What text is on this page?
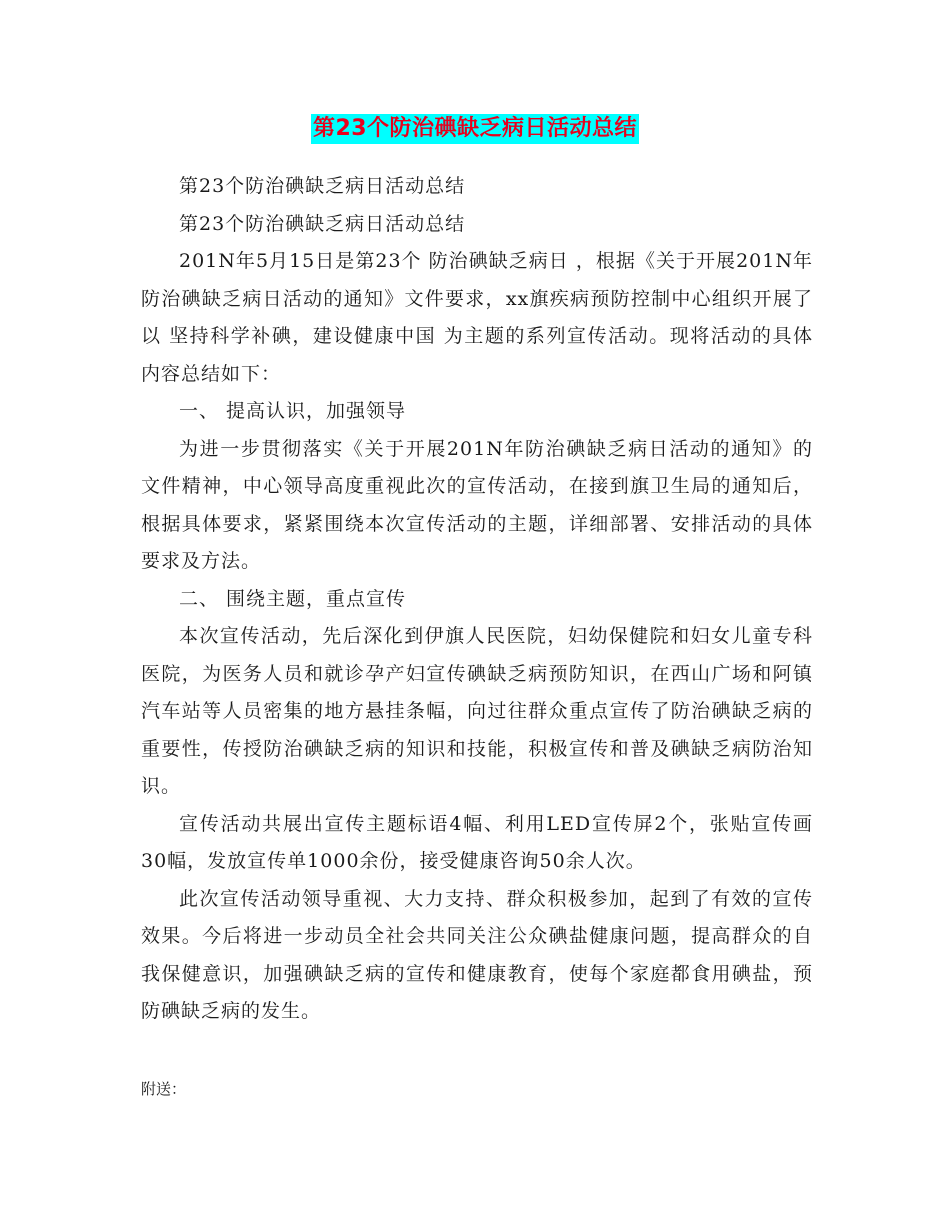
第23个防治碘缺乏病日活动总结

第23个防治碘缺乏病日活动总结

第23个防治碘缺乏病日活动总结

201N年5月15日是第23个 防治碘缺乏病日 ，根据《关于开展201N年防治碘缺乏病日活动的通知》文件要求，xx旗疾病预防控制中心组织开展了以 坚持科学补碘，建设健康中国 为主题的系列宣传活动。现将活动的具体内容总结如下：

一、 提高认识，加强领导

为进一步贯彻落实《关于开展201N年防治碘缺乏病日活动的通知》的文件精神，中心领导高度重视此次的宣传活动，在接到旗卫生局的通知后，根据具体要求，紧紧围绕本次宣传活动的主题，详细部署、安排活动的具体要求及方法。

二、 围绕主题，重点宣传

本次宣传活动，先后深化到伊旗人民医院，妇幼保健院和妇女儿童专科医院，为医务人员和就诊孕产妇宣传碘缺乏病预防知识，在西山广场和阿镇汽车站等人员密集的地方悬挂条幅，向过往群众重点宣传了防治碘缺乏病的重要性，传授防治碘缺乏病的知识和技能，积极宣传和普及碘缺乏病防治知识。

宣传活动共展出宣传主题标语4幅、利用LED宣传屏2个，张贴宣传画30幅，发放宣传单1000余份，接受健康咨询50余人次。

此次宣传活动领导重视、大力支持、群众积极参加，起到了有效的宣传效果。今后将进一步动员全社会共同关注公众碘盐健康问题，提高群众的自我保健意识，加强碘缺乏病的宣传和健康教育，使每个家庭都食用碘盐，预防碘缺乏病的发生。

附送：
